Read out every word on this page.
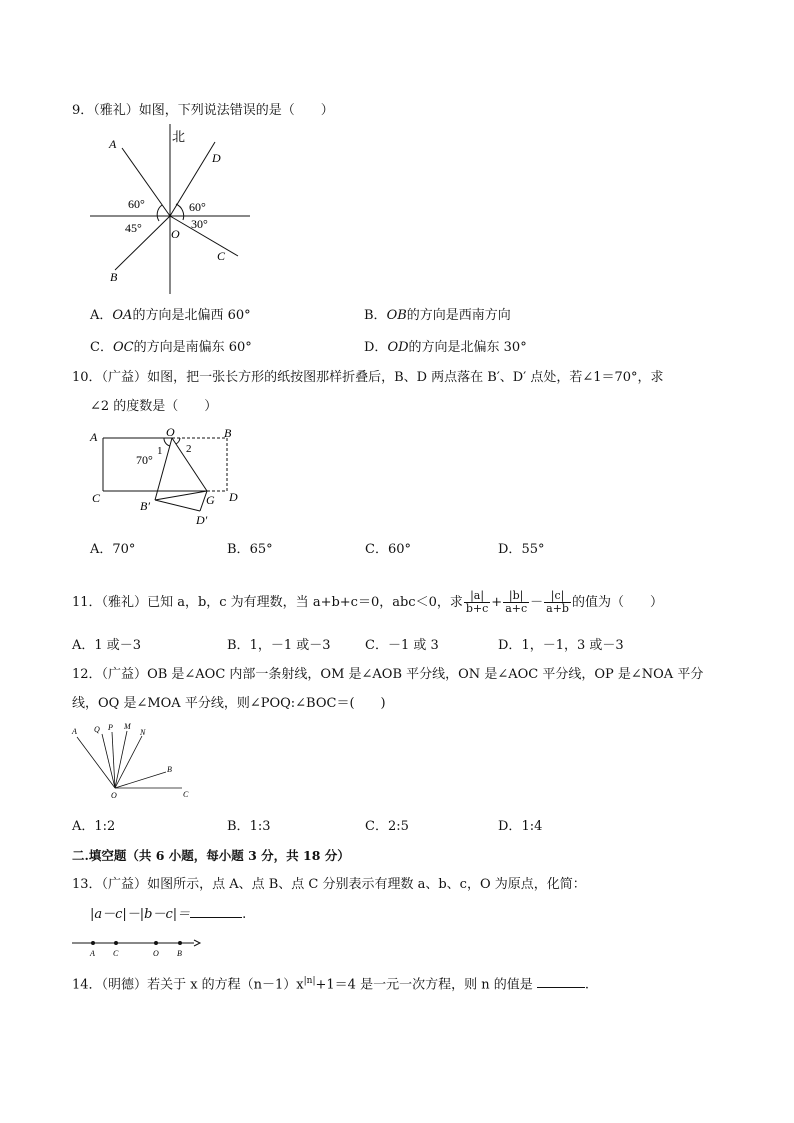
9．（雅礼）如图，下列说法错误的是（　　）
北
A
D
B
C
O
60°	60°
45°	30°
A．OA的方向是北偏西 60°	B．OB的方向是西南方向
C．OC的方向是南偏东 60°	D．OD的方向是北偏东 30°
10．（广益）如图，把一张长方形的纸按图那样折叠后，B、D 两点落在 B′、D′ 点处，若∠1＝70°，求
∠2 的度数是（　　）
A	O	B
C	D
B′	G
D′
70°
1 2
A．70°	B．65°	C．60°	D．55°
11．（雅礼）已知 a，b，c 为有理数，当 a+b+c＝0，abc＜0，求 $\frac{|a|}{b+c} + \frac{|b|}{a+c} - \frac{|c|}{a+b}$ 的值为（　　）
A．1 或－3	B．1，－1 或－3	C．－1 或 3	D．1，－1，3 或－3
12．（广益）OB 是∠AOC 内部一条射线，OM 是∠AOB 平分线，ON 是∠AOC 平分线，OP 是∠NOA 平分
线，OQ 是∠MOA 平分线，则∠POQ:∠BOC＝(　　)
A Q P M
N
B
O	C
A．1:2	B．1:3	C．2:5	D．1:4
二.填空题（共 6 小题，每小题 3 分，共 18 分）
13．（广益）如图所示，点 A、点 B、点 C 分别表示有理数 a、b、c，O 为原点，化简：
|a－c|－|b－c|＝	.
A C	O B
14．（明德）若关于 x 的方程$(n-1)x^{|n|}+1=4$ 是一元一次方程，则 n 的值是	.
